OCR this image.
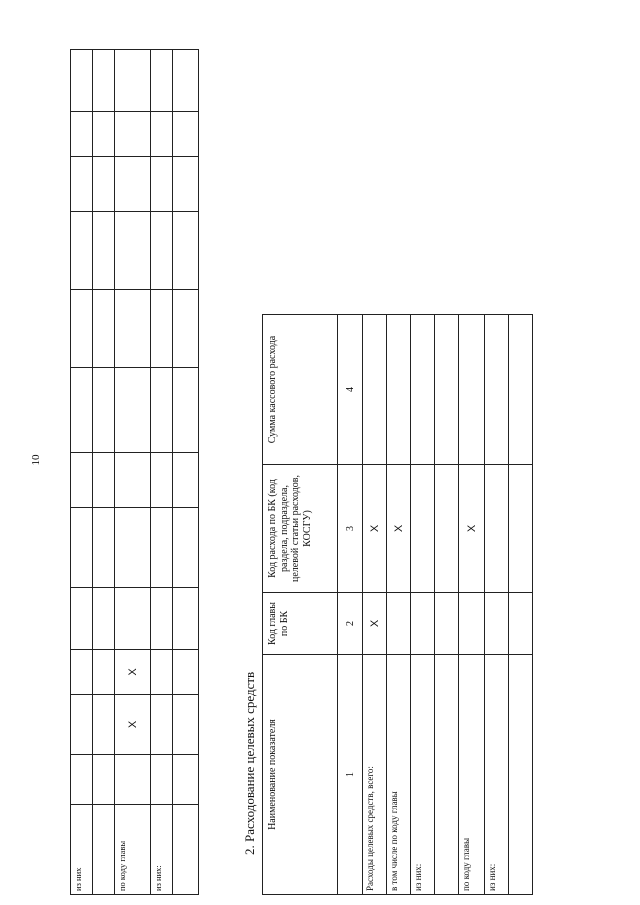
10
из них												

по коду главы		X	X									
из них:												

2. Расходование целевых средств Наименование показателя	Код главы по БК	Код расхода по БК (код раздела, подраздела, целевой статьи расходов, КОСГУ)	Сумма кассового расхода
1	2	3	4
Расходы целевых средств, всего:	X	X	
в том числе по коду главы		X	
из них:			

по коду главы		X	
из них:			
